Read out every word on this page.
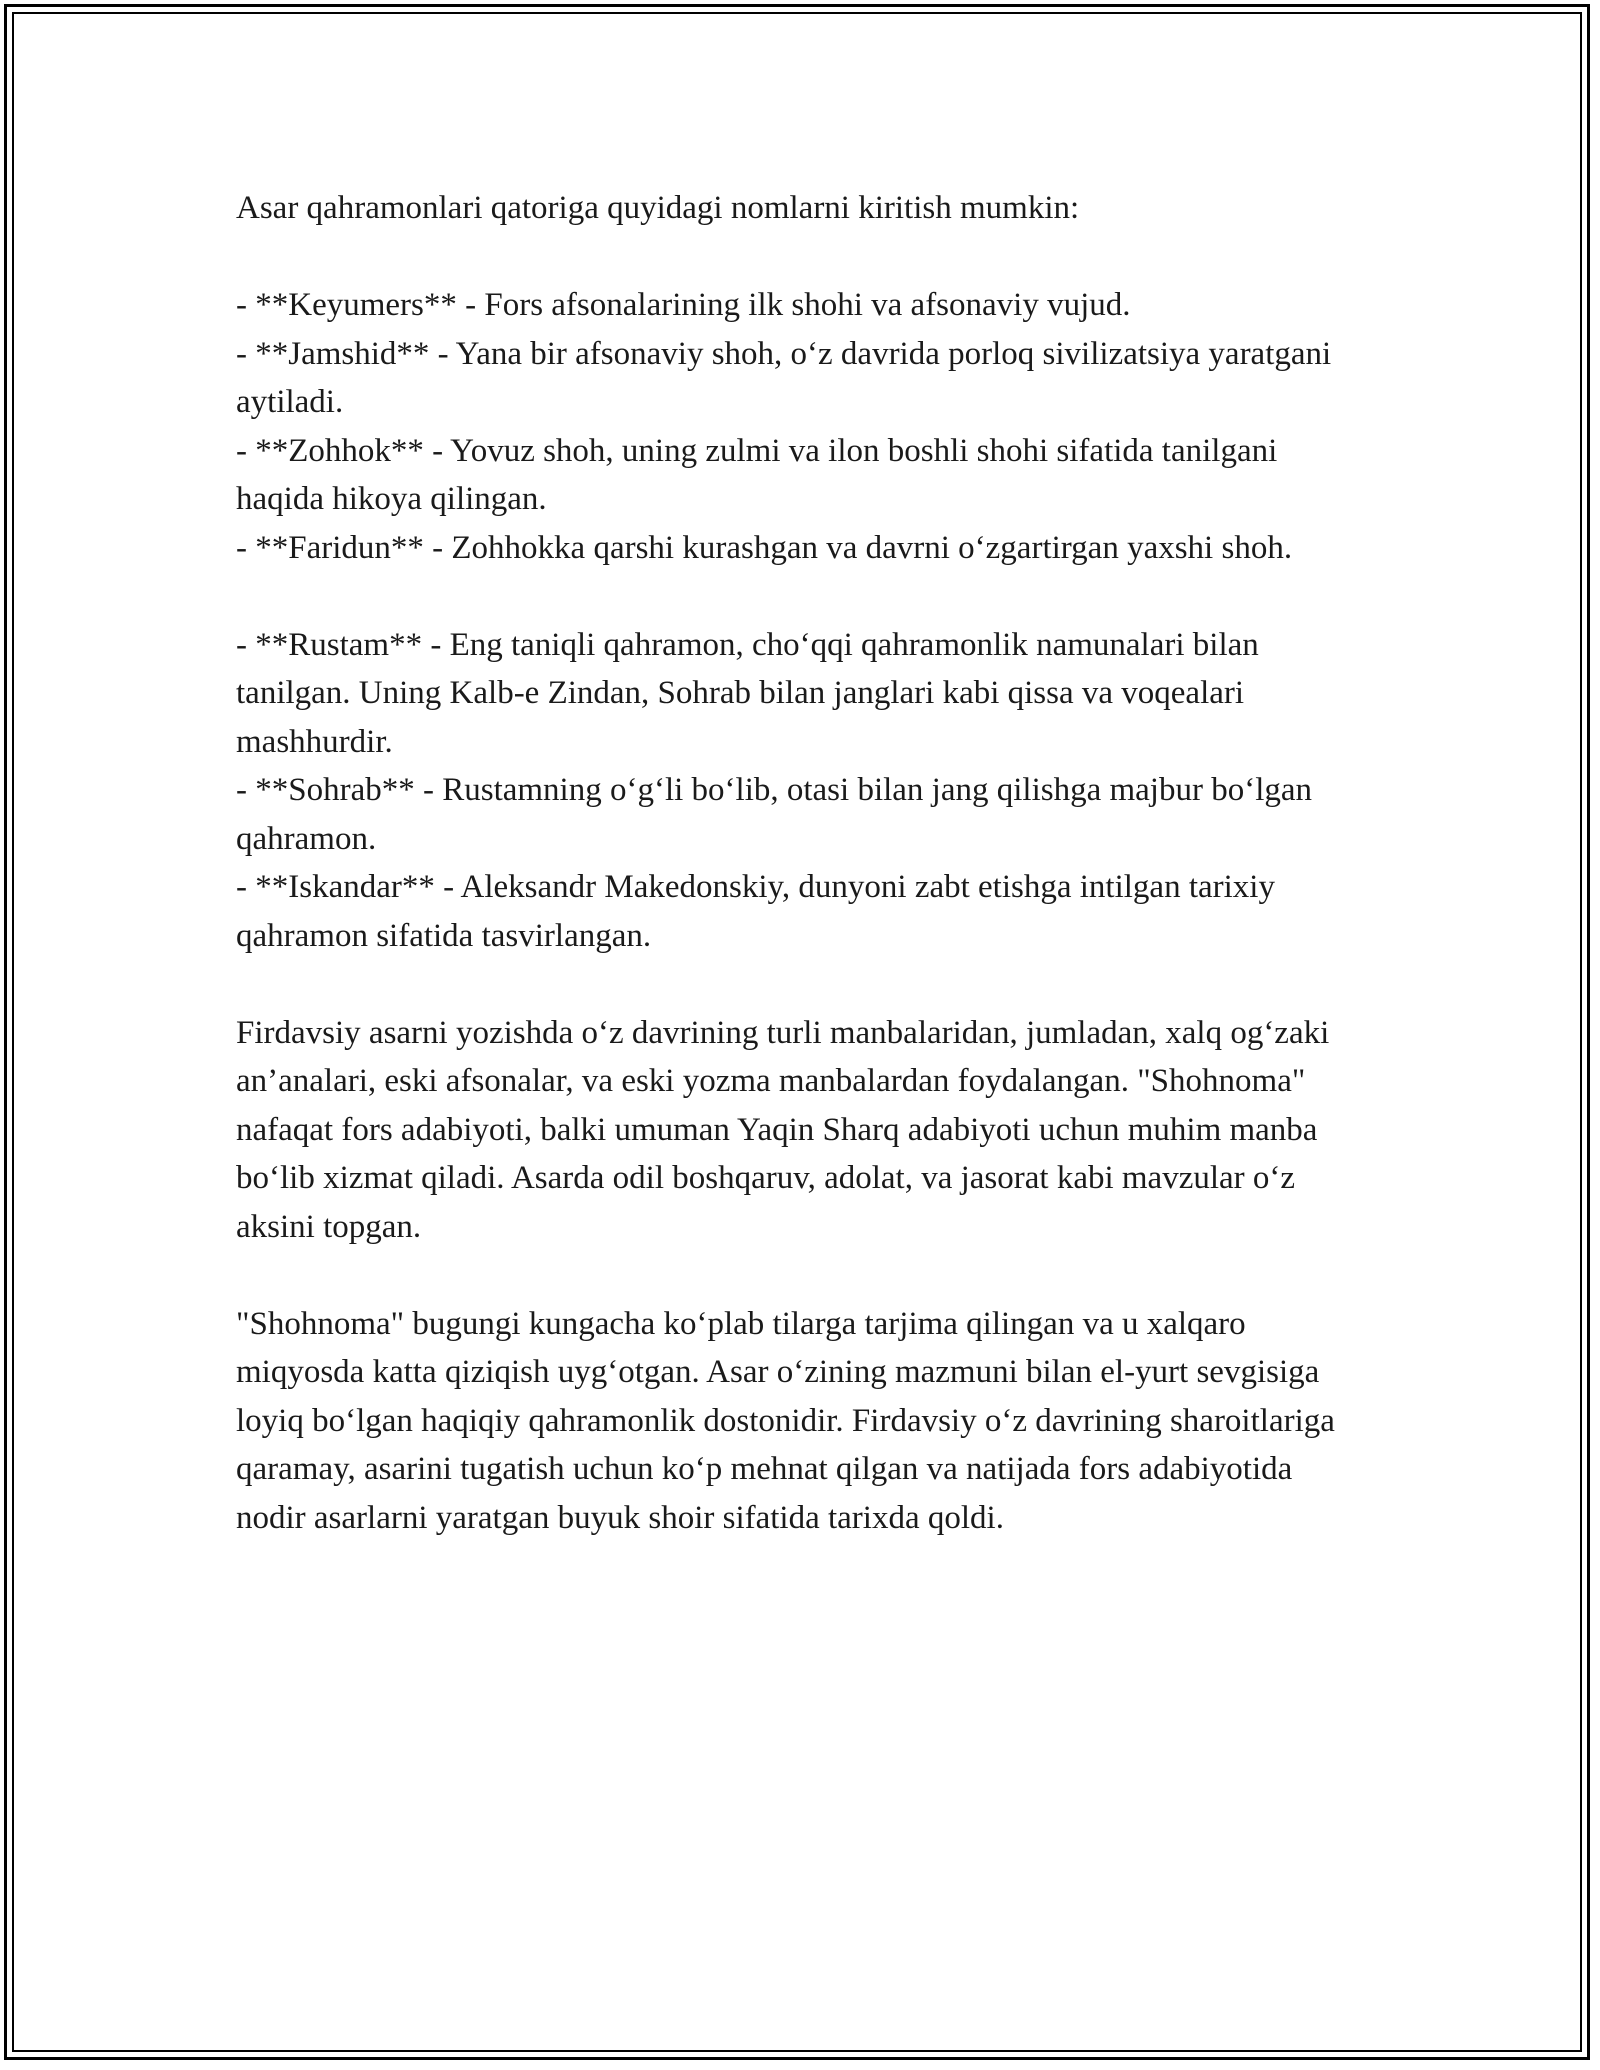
Asar qahramonlari qatoriga quyidagi nomlarni kiritish mumkin:

- **Keyumers** - Fors afsonalarining ilk shohi va afsonaviy vujud.

- **Jamshid** - Yana bir afsonaviy shoh, o‘z davrida porloq sivilizatsiya yaratgani aytiladi.

- **Zohhok** - Yovuz shoh, uning zulmi va ilon boshli shohi sifatida tanilgani haqida hikoya qilingan.

- **Faridun** - Zohhokka qarshi kurashgan va davrni o‘zgartirgan yaxshi shoh.

- **Rustam** - Eng taniqli qahramon, cho‘qqi qahramonlik namunalari bilan tanilgan. Uning Kalb-e Zindan, Sohrab bilan janglari kabi qissa va voqealari mashhurdir.

- **Sohrab** - Rustamning o‘g‘li bo‘lib, otasi bilan jang qilishga majbur bo‘lgan qahramon.

- **Iskandar** - Aleksandr Makedonskiy, dunyoni zabt etishga intilgan tarixiy qahramon sifatida tasvirlangan.

Firdavsiy asarni yozishda o‘z davrining turli manbalaridan, jumladan, xalq og‘zaki an’analari, eski afsonalar, va eski yozma manbalardan foydalangan. "Shohnoma" nafaqat fors adabiyoti, balki umuman Yaqin Sharq adabiyoti uchun muhim manba bo‘lib xizmat qiladi. Asarda odil boshqaruv, adolat, va jasorat kabi mavzular o‘z aksini topgan.

"Shohnoma" bugungi kungacha ko‘plab tilarga tarjima qilingan va u xalqaro miqyosda katta qiziqish uyg‘otgan. Asar o‘zining mazmuni bilan el-yurt sevgisiga loyiq bo‘lgan haqiqiy qahramonlik dostonidir. Firdavsiy o‘z davrining sharoitlariga qaramay, asarini tugatish uchun ko‘p mehnat qilgan va natijada fors adabiyotida nodir asarlarni yaratgan buyuk shoir sifatida tarixda qoldi.
